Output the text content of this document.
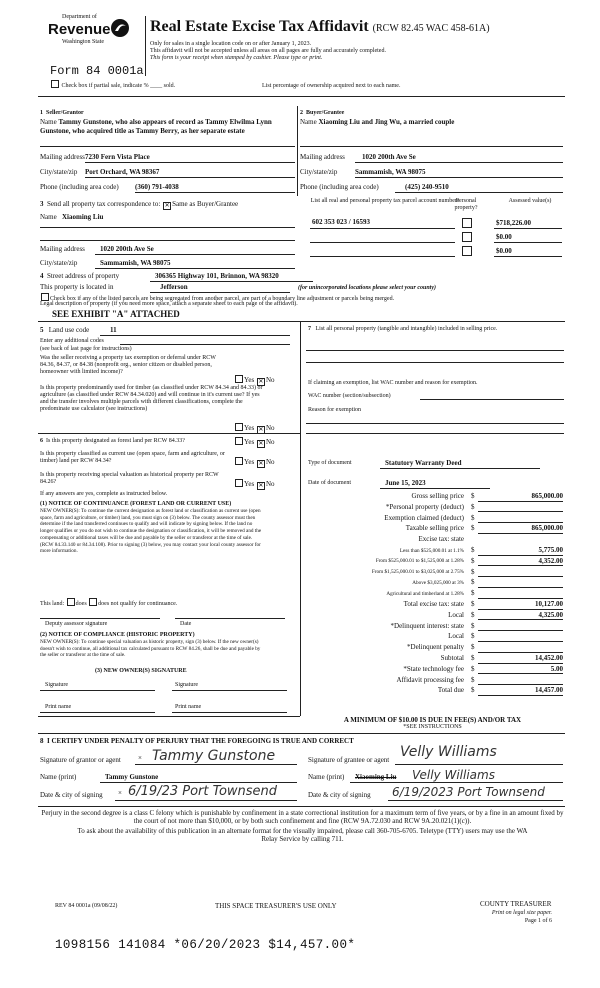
Department of
Revenue
Washington State
Form 84 0001a
Real Estate Excise Tax Affidavit (RCW 82.45 WAC 458-61A)
Only for sales in a single location code on or after January 1, 2023.
This affidavit will not be accepted unless all areas on all pages are fully and accurately completed.
This form is your receipt when stamped by cashier. Please type or print.
Check box if partial sale, indicate % ____ sold.	List percentage of ownership acquired next to each name.
1 Seller/Grantor
Name Tammy Gunstone, who also appears of record as Tammy Elwilma Lynn Gunstone, who acquired title as Tammy Berry, as her separate estate
Mailing address 7230 Fern Vista Place
City/state/zip Port Orchard, WA 98367
Phone (including area code) (360) 791-4038
2 Buyer/Grantee
Name Xiaoming Liu and Jing Wu, a married couple
Mailing address 1020 200th Ave Se
City/state/zip	Sammamish, WA 98075
Phone (including area code)	(425) 240-9510
3 Send all property tax correspondence to: ✕ Same as Buyer/Grantee
Name Xiaoming Liu
Mailing address 1020 200th Ave Se
City/state/zip	Sammamish, WA 98075
List all real and personal property tax parcel account numbers
Personal property?
Assessed value(s)
602 353 023 / 16593	$718,226.00
$0.00
$0.00
4 Street address of property	306365 Highway 101, Brinnon, WA 98320
This property is located in	Jefferson	(for unincorporated locations please select your county)
Check box if any of the listed parcels are being segregated from another parcel, are part of a boundary line adjustment or parcels being merged.
Legal description of property (if you need more space, attach a separate sheet to each page of the affidavit).
SEE EXHIBIT "A" ATTACHED
5 Land use code	11
Enter any additional codes
(see back of last page for instructions)
Was the seller receiving a property tax exemption or deferral under RCW 84.36, 84.37, or 84.38 (nonprofit org., senior citizen or disabled person, homeowner with limited income)?
Yes ✕ No
Is this property predominantly used for timber (as classified under RCW 84.34 and 84.33) or agriculture (as classified under RCW 84.34.020) and will continue in it's current use? If yes and the transfer involves multiple parcels with different classifications, complete the predominate use calculator (see instructions)
Yes ✕ No
6 Is this property designated as forest land per RCW 84.33?	Yes ✕ No
Is this property classified as current use (open space, farm and agriculture, or timber) land per RCW 84.34?	Yes ✕ No
Is this property receiving special valuation as historical property per RCW 84.26?	Yes ✕ No
If any answers are yes, complete as instructed below.
(1) NOTICE OF CONTINUANCE (FOREST LAND OR CURRENT USE)
NEW OWNER(S): To continue the current designation as forest land or classification as current use (open space, farm and agriculture, or timber) land, you must sign on (3) below. The county assessor must then determine if the land transferred continues to qualify and will indicate by signing below. If the land no longer qualifies or you do not wish to continue the designation or classification, it will be removed and the compensating or additional taxes will be due and payable by the seller or transferor at the time of sale. (RCW 84.33.140 or 84.34.108). Prior to signing (3) below, you may contact your local county assessor for more information.
This land: does does not qualify for continuance.
Deputy assessor signature	Date
(2) NOTICE OF COMPLIANCE (HISTORIC PROPERTY)
NEW OWNER(S): To continue special valuation as historic property, sign (3) below. If the new owner(s) doesn't wish to continue, all additional tax calculated pursuant to RCW 84.26, shall be due and payable by the seller or transferor at the time of sale.
(3) NEW OWNER(S) SIGNATURE
Signature	Signature
Print name	Print name
7 List all personal property (tangible and intangible) included in selling price.
If claiming an exemption, list WAC number and reason for exemption.
WAC number (section/subsection)
Reason for exemption
Type of document	Statutory Warranty Deed
Date of document	June 15, 2023
Gross selling price $	865,000.00
*Personal property (deduct) $
Exemption claimed (deduct) $
Taxable selling price $	865,000.00
Excise tax: state
Less than $525,000.01 at 1.1% $	5,775.00
From $525,000.01 to $1,525,000 at 1.28% $	4,352.00
From $1,525,000.01 to $3,025,000 at 2.75% $
Above $3,025,000 at 3% $
Agricultural and timberland at 1.28% $
Total excise tax: state $	10,127.00
Local $	4,325.00
*Delinquent interest: state $
Local $
*Delinquent penalty $
Subtotal $	14,452.00
*State technology fee $	5.00
Affidavit processing fee $
Total due $	14,457.00
A MINIMUM OF $10.00 IS DUE IN FEE(S) AND/OR TAX
*SEE INSTRUCTIONS
8 I CERTIFY UNDER PENALTY OF PERJURY THAT THE FOREGOING IS TRUE AND CORRECT
Signature of grantor or agent × Tammy Gunstone	Signature of grantee or agent Velly Williams
Name (print)	Tammy Gunstone	Name (print) Xiaoming Liu Velly Williams
Date & city of signing × 6/19/23 Port Townsend	Date & city of signing 6/19/2023 Port Townsend
Perjury in the second degree is a class C felony which is punishable by confinement in a state correctional institution for a maximum term of five years, or by a fine in an amount fixed by the court of not more than $10,000, or by both such confinement and fine (RCW 9A.72.030 and RCW 9A.20.021(1)(c)).
To ask about the availability of this publication in an alternate format for the visually impaired, please call 360-705-6705. Teletype (TTY) users may use the WA Relay Service by calling 711.
REV 84 0001a (09/08/22)	THIS SPACE TREASURER'S USE ONLY	COUNTY TREASURER
Print on legal size paper.
Page 1 of 6
1098156 141084 *06/20/2023 $14,457.00*
